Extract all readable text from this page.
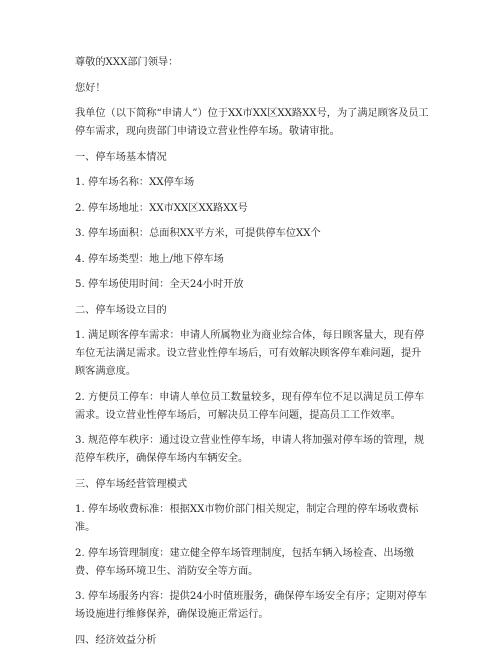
尊敬的XXX部门领导：

您好！

我单位（以下简称“申请人”）位于XX市XX区XX路XX号，为了满足顾客及员工停车需求，现向贵部门申请设立营业性停车场。敬请审批。

一、停车场基本情况

1. 停车场名称：XX停车场

2. 停车场地址：XX市XX区XX路XX号

3. 停车场面积：总面积XX平方米，可提供停车位XX个

4. 停车场类型：地上/地下停车场

5. 停车场使用时间：全天24小时开放

二、停车场设立目的

1. 满足顾客停车需求：申请人所属物业为商业综合体，每日顾客量大，现有停车位无法满足需求。设立营业性停车场后，可有效解决顾客停车难问题，提升顾客满意度。

2. 方便员工停车：申请人单位员工数量较多，现有停车位不足以满足员工停车需求。设立营业性停车场后，可解决员工停车问题，提高员工工作效率。

3. 规范停车秩序：通过设立营业性停车场，申请人将加强对停车场的管理，规范停车秩序，确保停车场内车辆安全。

三、停车场经营管理模式

1. 停车场收费标准：根据XX市物价部门相关规定，制定合理的停车场收费标准。

2. 停车场管理制度：建立健全停车场管理制度，包括车辆入场检查、出场缴费、停车场环境卫生、消防安全等方面。

3. 停车场服务内容：提供24小时值班服务，确保停车场安全有序；定期对停车场设施进行维修保养，确保设施正常运行。

四、经济效益分析
